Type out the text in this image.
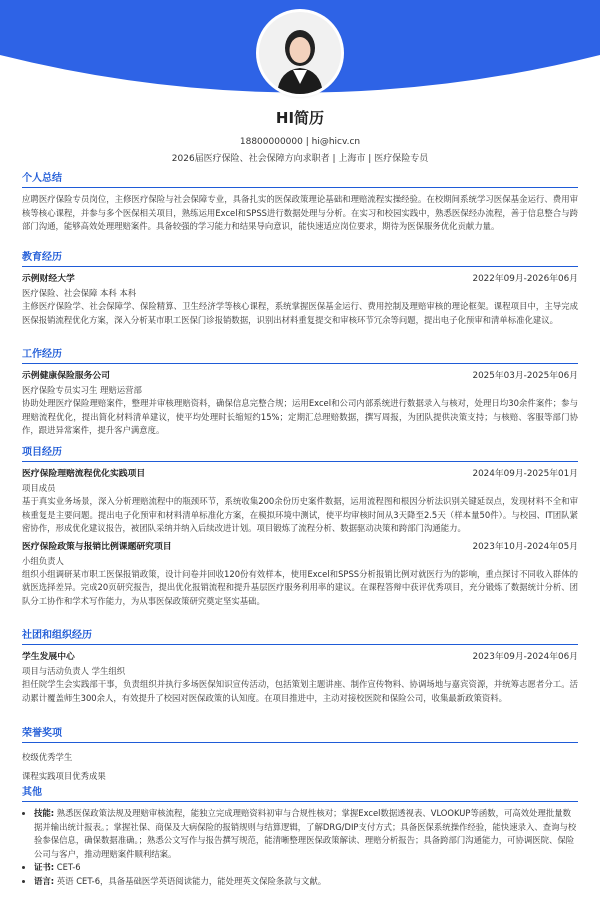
HI简历
18800000000 | hi@hicv.cn
2026届医疗保险、社会保障方向求职者 | 上海市 | 医疗保险专员
个人总结

应聘医疗保险专员岗位，主修医疗保险与社会保障专业，具备扎实的医保政策理论基础和理赔流程实操经验。在校期间系统学习医保基金运行、费用审核等核心课程，并参与多个医保相关项目，熟练运用Excel和SPSS进行数据处理与分析。在实习和校园实践中，熟悉医保经办流程，善于信息整合与跨部门沟通，能够高效处理理赔案件。具备较强的学习能力和结果导向意识，能快速适应岗位要求，期待为医保服务优化贡献力量。

教育经历
示例财经大学	2022年09月-2026年06月
医疗保险、社会保障 本科 本科

主修医疗保险学、社会保障学、保险精算、卫生经济学等核心课程，系统掌握医保基金运行、费用控制及理赔审核的理论框架。课程项目中，主导完成医保报销流程优化方案，深入分析某市职工医保门诊报销数据，识别出材料重复提交和审核环节冗余等问题，提出电子化预审和清单标准化建议。

工作经历
示例健康保险服务公司	2025年03月-2025年06月
医疗保险专员实习生 理赔运营部

协助处理医疗保险理赔案件，整理并审核理赔资料，确保信息完整合规；运用Excel和公司内部系统进行数据录入与核对，处理日均30余件案件；参与理赔流程优化，提出简化材料清单建议，使平均处理时长缩短约15%；定期汇总理赔数据，撰写周报，为团队提供决策支持；与核赔、客服等部门协作，跟进异常案件，提升客户满意度。

项目经历
医疗保险理赔流程优化实践项目	2024年09月-2025年01月
项目成员

基于真实业务场景，深入分析理赔流程中的瓶颈环节，系统收集200余份历史案件数据，运用流程图和根因分析法识别关键延误点，发现材料不全和审核重复是主要问题。提出电子化预审和材料清单标准化方案，在模拟环境中测试，使平均审核时间从3天降至2.5天（样本量50件）。与校园、IT团队紧密协作，形成优化建议报告，被团队采纳并纳入后续改进计划。项目锻炼了流程分析、数据驱动决策和跨部门沟通能力。

医疗保险政策与报销比例课题研究项目	2023年10月-2024年05月
小组负责人

组织小组调研某市职工医保报销政策，设计问卷并回收120份有效样本，使用Excel和SPSS分析报销比例对就医行为的影响，重点探讨不同收入群体的就医选择差异。完成20页研究报告，提出优化报销流程和提升基层医疗服务利用率的建议。在课程答辩中获评优秀项目，充分锻炼了数据统计分析、团队分工协作和学术写作能力，为从事医保政策研究奠定坚实基础。

社团和组织经历
学生发展中心	2023年09月-2024年06月
项目与活动负责人 学生组织

担任院学生会实践部干事，负责组织并执行多场医保知识宣传活动，包括策划主题讲座、制作宣传物料、协调场地与嘉宾资源，并统筹志愿者分工。活动累计覆盖师生300余人，有效提升了校园对医保政策的认知度。在项目推进中，主动对接校医院和保险公司，收集最新政策资料。

荣誉奖项
校级优秀学生
课程实践项目优秀成果
其他
• 技能: 熟悉医保政策法规及理赔审核流程，能独立完成理赔资料初审与合规性核对；掌握Excel数据透视表、VLOOKUP等函数，可高效处理批量数据并输出统计报表。；掌握社保、商保及大病保险的报销规则与结算逻辑，了解DRG/DIP支付方式；具备医保系统操作经验，能快速录入、查询与校验参保信息，确保数据准确。；熟悉公文写作与报告撰写规范，能清晰整理医保政策解读、理赔分析报告；具备跨部门沟通能力，可协调医院、保险公司与客户，推动理赔案件顺利结案。
• 证书: CET-6
• 语言: 英语 CET-6，具备基础医学英语阅读能力，能处理英文保险条款与文献。
